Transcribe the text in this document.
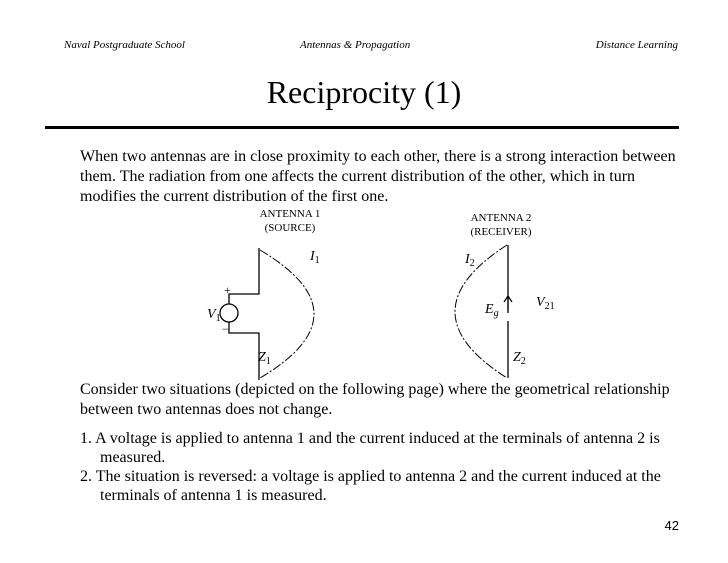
Naval Postgraduate School	Antennas & Propagation	Distance Learning
Reciprocity (1)

When two antennas are in close proximity to each other, there is a strong interaction between them. The radiation from one affects the current distribution of the other, which in turn modifies the current distribution of the first one.

ANTENNA 1
(SOURCE)
+
−
$V_1$
$I_1$
$Z_1$
ANTENNA 2
(RECEIVER)
$I_2$
$E_g$
$V_{21}$
$Z_2$

Consider two situations (depicted on the following page) where the geometrical relationship between two antennas does not change.

1. A voltage is applied to antenna 1 and the current induced at the terminals of antenna 2 is measured.

2. The situation is reversed: a voltage is applied to antenna 2 and the current induced at the terminals of antenna 1 is measured.

42
